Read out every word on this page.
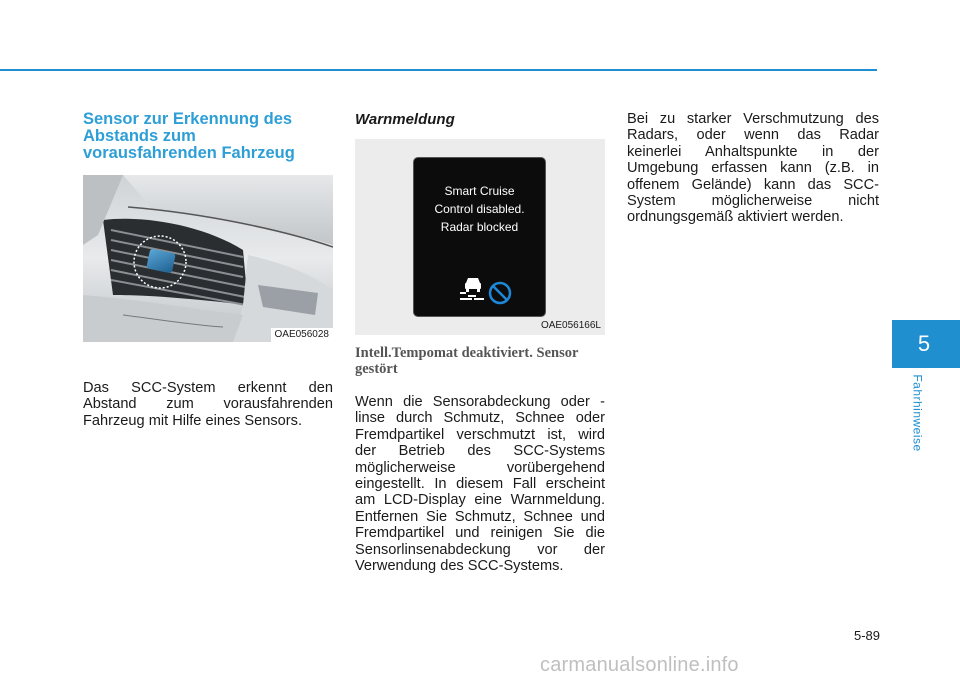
Sensor zur Erkennung des Abstands zum vorausfahrenden Fahrzeug
OAE056028
Das SCC-System erkennt den Abstand zum vorausfahrenden Fahrzeug mit Hilfe eines Sensors.
Warnmeldung
Smart Cruise
Control disabled.
Radar blocked
OAE056166L
Intell.Tempomat deaktiviert. Sensor gestört
Wenn die Sensorabdeckung oder -linse durch Schmutz, Schnee oder Fremdpartikel verschmutzt ist, wird der Betrieb des SCC-Systems möglicherweise vorübergehend eingestellt. In diesem Fall erscheint am LCD-Display eine Warnmeldung. Entfernen Sie Schmutz, Schnee und Fremdpartikel und reinigen Sie die Sensorlinsenabdeckung vor der Verwendung des SCC-Systems.
Bei zu starker Verschmutzung des Radars, oder wenn das Radar keinerlei Anhaltspunkte in der Umgebung erfassen kann (z.B. in offenem Gelände) kann das SCC-System möglicherweise nicht ordnungsgemäß aktiviert werden.
5
Fahrhinweise
5-89
carmanualsonline.info
